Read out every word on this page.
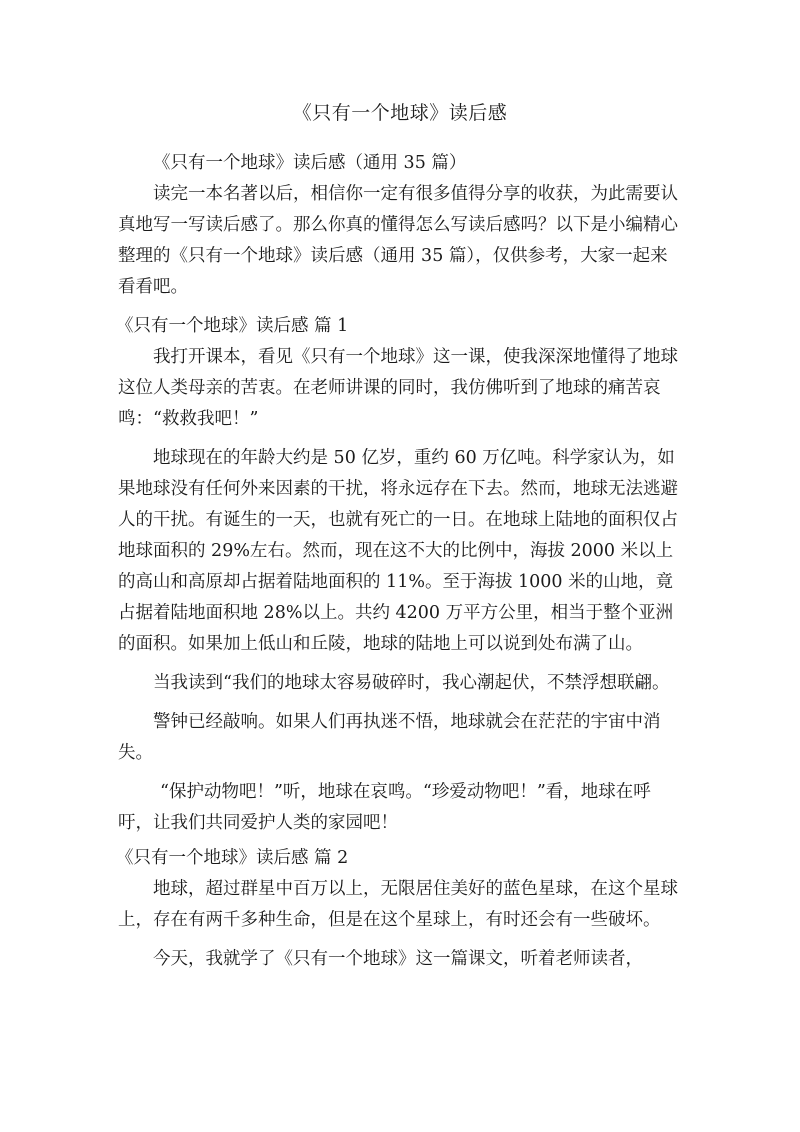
《只有一个地球》读后感

《只有一个地球》读后感（通用 35 篇）

读完一本名著以后，相信你一定有很多值得分享的收获，为此需要认真地写一写读后感了。那么你真的懂得怎么写读后感吗？以下是小编精心整理的《只有一个地球》读后感（通用 35 篇），仅供参考，大家一起来看看吧。

《只有一个地球》读后感 篇 1

我打开课本，看见《只有一个地球》这一课，使我深深地懂得了地球这位人类母亲的苦衷。在老师讲课的同时，我仿佛听到了地球的痛苦哀鸣：“救救我吧！”

地球现在的年龄大约是 50 亿岁，重约 60 万亿吨。科学家认为，如果地球没有任何外来因素的干扰，将永远存在下去。然而，地球无法逃避人的干扰。有诞生的一天，也就有死亡的一日。在地球上陆地的面积仅占地球面积的 29%左右。然而，现在这不大的比例中，海拔 2000 米以上的高山和高原却占据着陆地面积的 11%。至于海拔 1000 米的山地，竟占据着陆地面积地 28%以上。共约 4200 万平方公里，相当于整个亚洲的面积。如果加上低山和丘陵，地球的陆地上可以说到处布满了山。

当我读到“我们的地球太容易破碎时，我心潮起伏，不禁浮想联翩。

警钟已经敲响。如果人们再执迷不悟，地球就会在茫茫的宇宙中消失。

“保护动物吧！”听，地球在哀鸣。“珍爱动物吧！”看，地球在呼吁，让我们共同爱护人类的家园吧！

《只有一个地球》读后感 篇 2

地球，超过群星中百万以上，无限居住美好的蓝色星球，在这个星球上，存在有两千多种生命，但是在这个星球上，有时还会有一些破坏。

今天，我就学了《只有一个地球》这一篇课文，听着老师读者，
